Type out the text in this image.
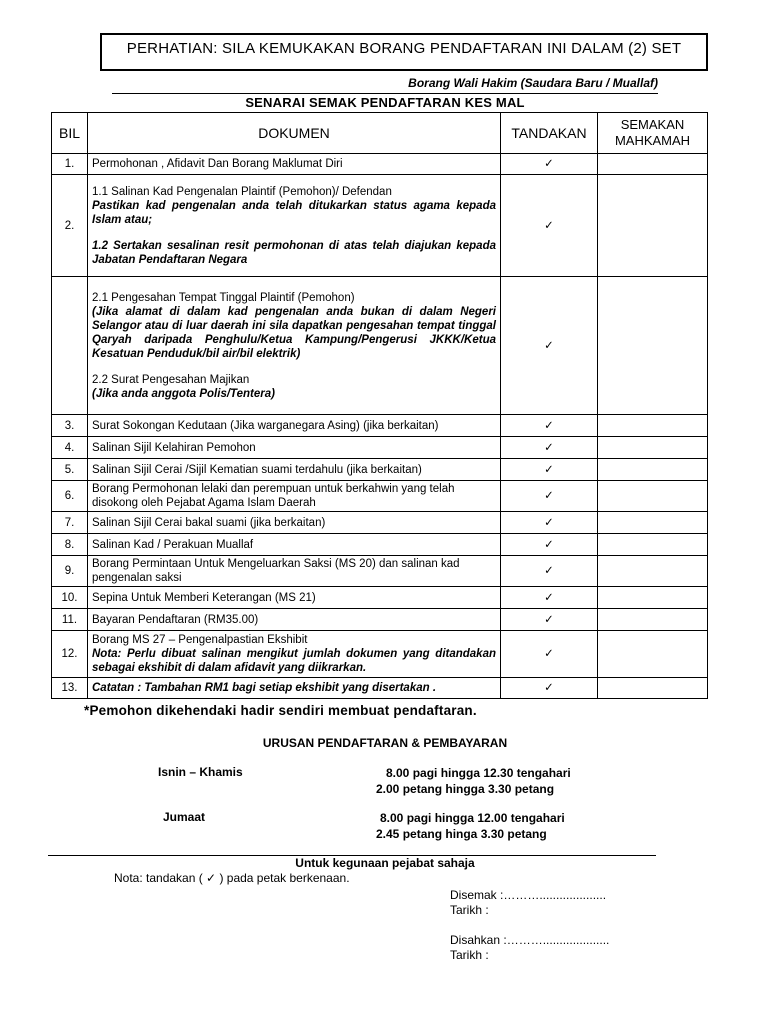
PERHATIAN: SILA KEMUKAKAN BORANG PENDAFTARAN INI DALAM (2) SET
Borang Wali Hakim (Saudara Baru / Muallaf)
SENARAI SEMAK PENDAFTARAN KES MAL
BIL	DOKUMEN	TANDAKAN	SEMAKAN MAHKAMAH
1.	Permohonan , Afidavit Dan Borang Maklumat Diri	✓	
2.	1.1 Salinan Kad Pengenalan Plaintif (Pemohon)/ Defendan
Pastikan kad pengenalan anda telah ditukarkan status agama kepada Islam atau;
1.2 Sertakan sesalinan resit permohonan di atas telah diajukan kepada Jabatan Pendaftaran Negara	✓	

	2.1 Pengesahan Tempat Tinggal Plaintif (Pemohon)
(Jika alamat di dalam kad pengenalan anda bukan di dalam Negeri Selangor atau di luar daerah ini sila dapatkan pengesahan tempat tinggal Qaryah daripada Penghulu/Ketua Kampung/Pengerusi JKKK/Ketua Kesatuan Penduduk/bil air/bil elektrik)
2.2 Surat Pengesahan Majikan
(Jika anda anggota Polis/Tentera)	✓	
3.	Surat Sokongan Kedutaan (Jika warganegara Asing) (jika berkaitan)	✓	
4.	Salinan Sijil Kelahiran Pemohon	✓	
5.	Salinan Sijil Cerai /Sijil Kematian suami terdahulu (jika berkaitan)	✓	
6.	Borang Permohonan lelaki dan perempuan untuk berkahwin yang telah disokong oleh Pejabat Agama Islam Daerah	✓	
7.	Salinan Sijil Cerai bakal suami (jika berkaitan)	✓	
8.	Salinan Kad / Perakuan Muallaf	✓	
9.	Borang Permintaan Untuk Mengeluarkan Saksi (MS 20) dan salinan kad pengenalan saksi	✓	
10.	Sepina Untuk Memberi Keterangan (MS 21)	✓	
11.	Bayaran Pendaftaran (RM35.00)	✓	
12.	Borang MS 27 – Pengenalpastian Ekshibit
Nota: Perlu dibuat salinan mengikut jumlah dokumen yang ditandakan sebagai ekshibit di dalam afidavit yang diikrarkan.	✓	
13.	Catatan : Tambahan RM1 bagi setiap ekshibit yang disertakan .	✓	
*Pemohon dikehendaki hadir sendiri membuat pendaftaran.
URUSAN PENDAFTARAN & PEMBAYARAN
Isnin – Khamis	8.00 pagi hingga 12.30 tengahari
2.00 petang hingga 3.30 petang
Jumaat	8.00 pagi hingga 12.00 tengahari
2.45 petang hinga 3.30 petang
Untuk kegunaan pejabat sahaja
Nota: tandakan ( ✓ ) pada petak berkenaan.
Disemak :………....................
Tarikh :
Disahkan :………....................
Tarikh :
